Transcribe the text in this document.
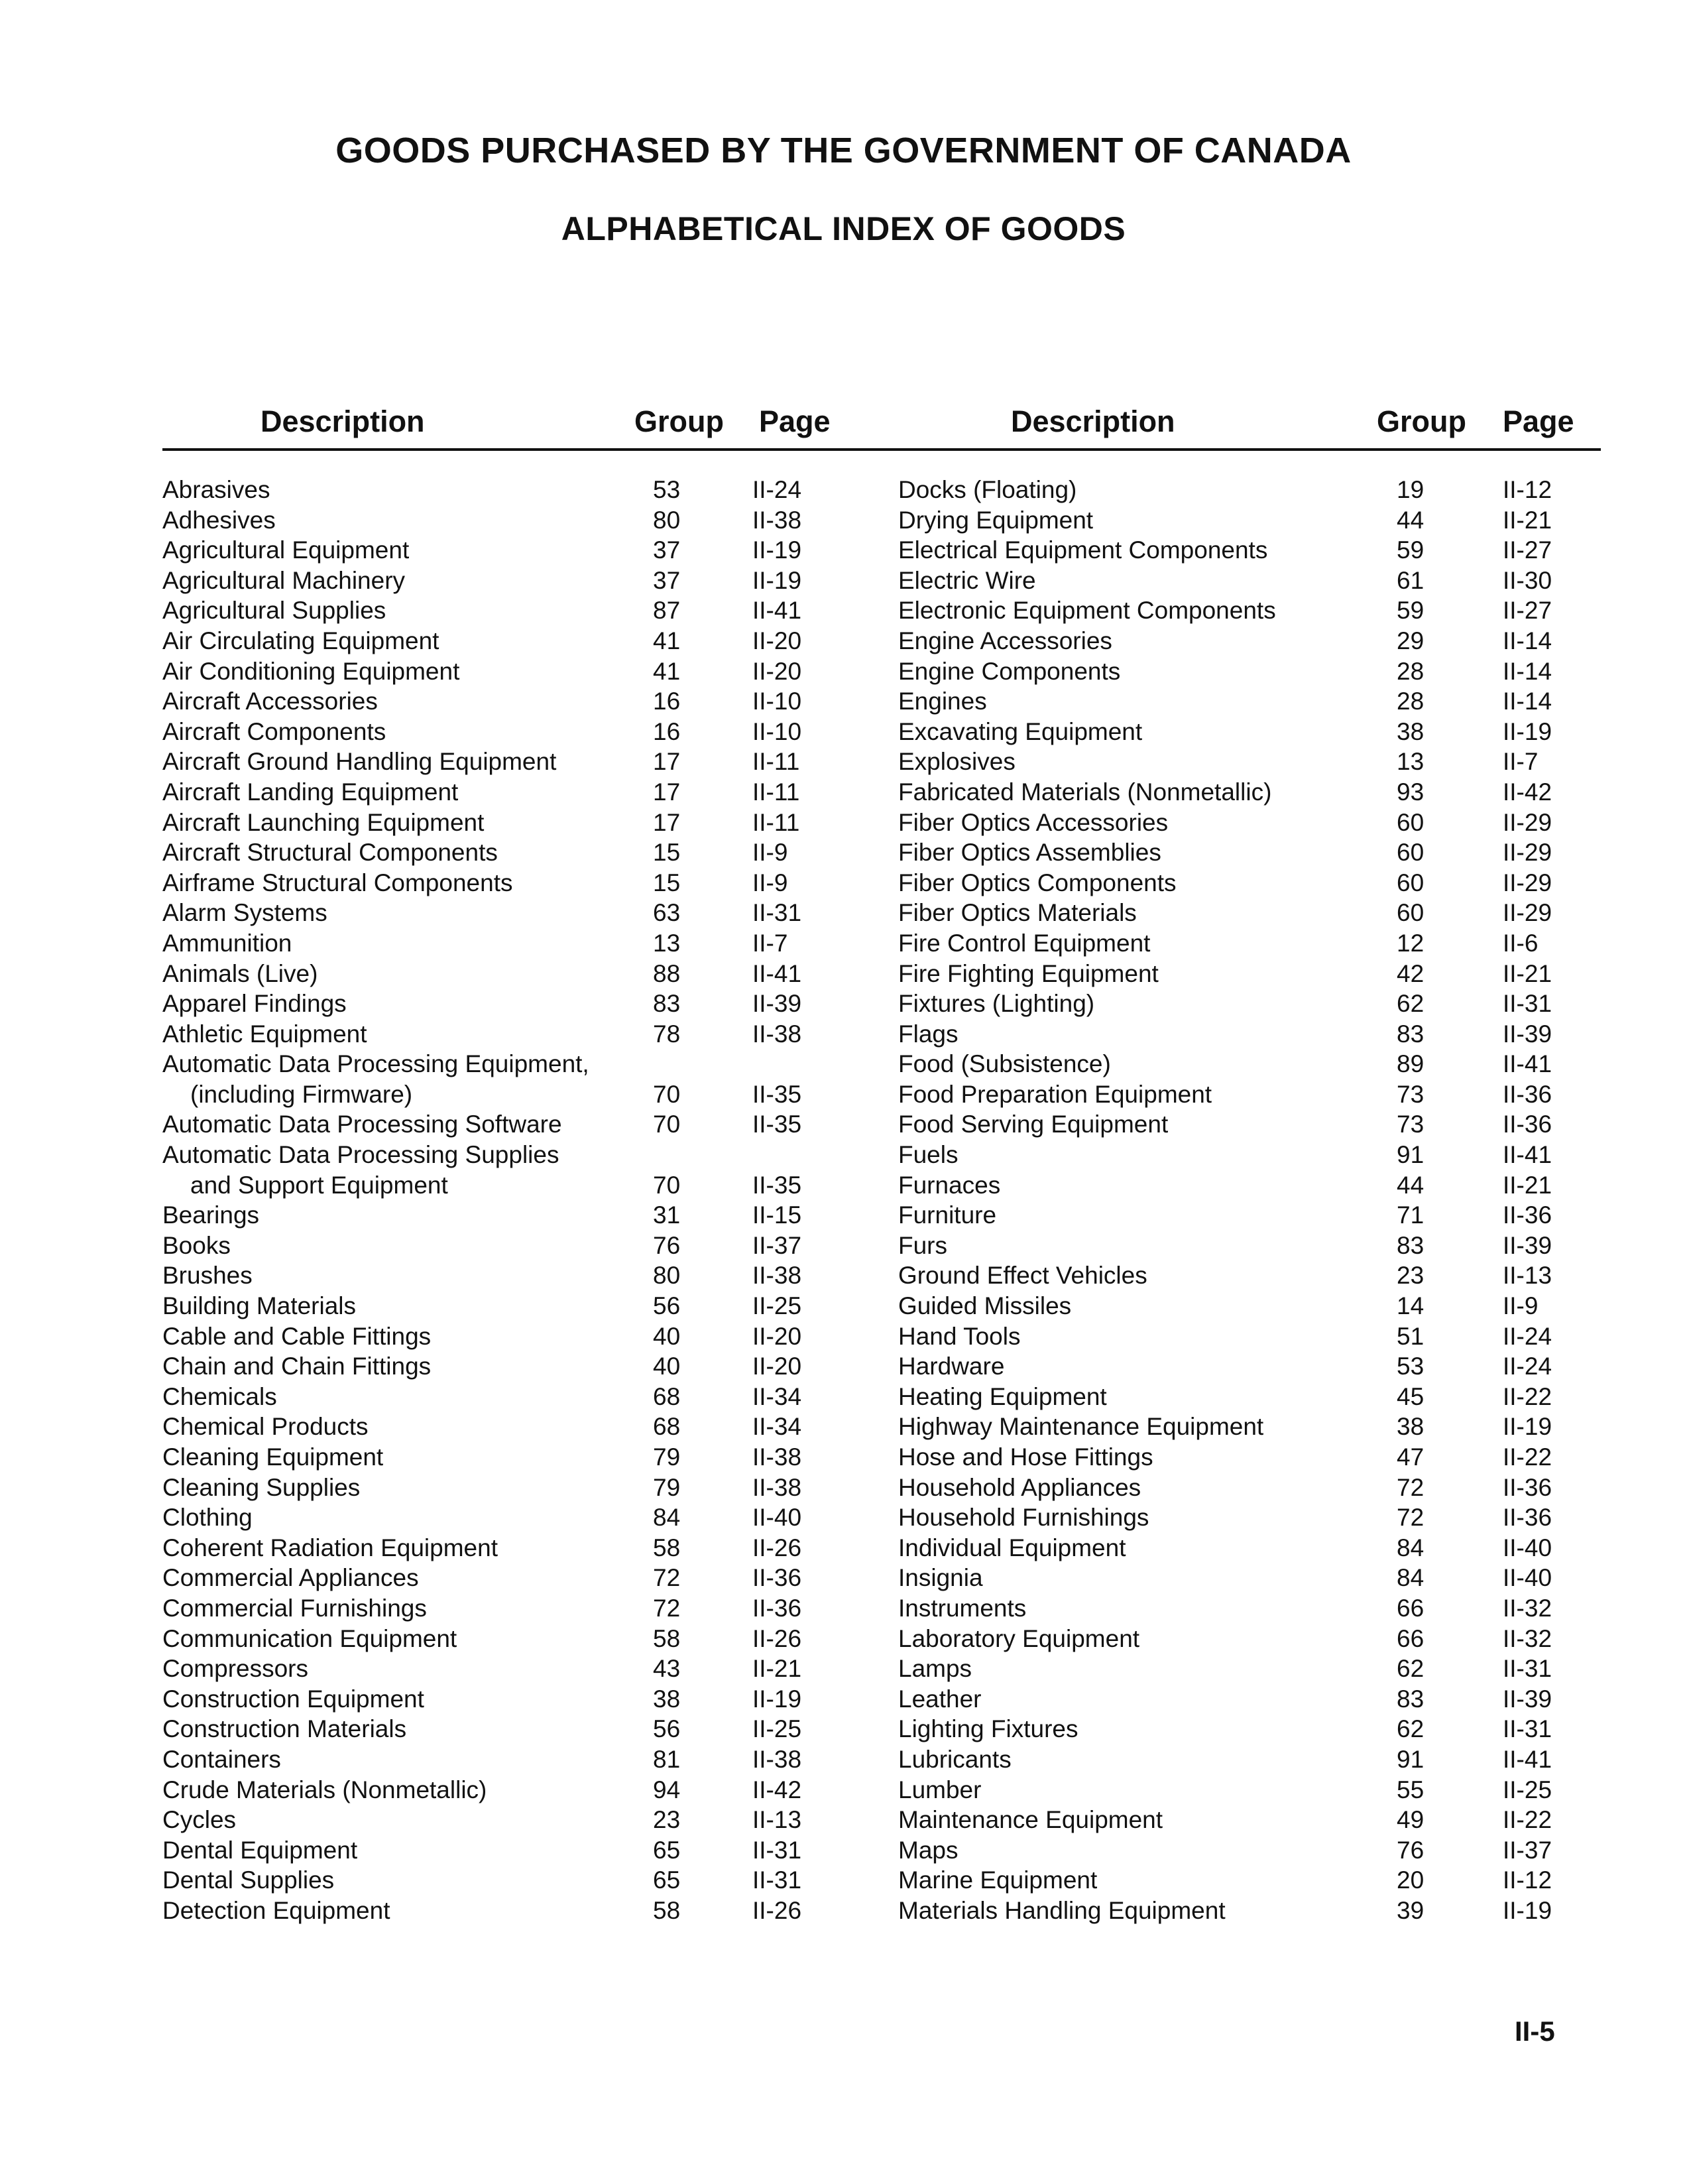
GOODS PURCHASED BY THE GOVERNMENT OF CANADA
ALPHABETICAL INDEX OF GOODS
Description	Group Page
Abrasives	53	II-24
Adhesives	80	II-38
Agricultural Equipment	37	II-19
Agricultural Machinery	37	II-19
Agricultural Supplies	87	II-41
Air Circulating Equipment	41	II-20
Air Conditioning Equipment	41	II-20
Aircraft Accessories	16	II-10
Aircraft Components	16	II-10
Aircraft Ground Handling Equipment	17	II-11
Aircraft Landing Equipment	17	II-11
Aircraft Launching Equipment	17	II-11
Aircraft Structural Components	15	II-9
Airframe Structural Components	15	II-9
Alarm Systems	63	II-31
Ammunition	13	II-7
Animals (Live)	88	II-41
Apparel Findings	83	II-39
Athletic Equipment	78	II-38
Automatic Data Processing Equipment,
(including Firmware)	70	II-35
Automatic Data Processing Software	70	II-35
Automatic Data Processing Supplies
and Support Equipment	70	II-35
Bearings	31	II-15
Books	76	II-37
Brushes	80	II-38
Building Materials	56	II-25
Cable and Cable Fittings	40	II-20
Chain and Chain Fittings	40	II-20
Chemicals	68	II-34
Chemical Products	68	II-34
Cleaning Equipment	79	II-38
Cleaning Supplies	79	II-38
Clothing	84	II-40
Coherent Radiation Equipment	58	II-26
Commercial Appliances	72	II-36
Commercial Furnishings	72	II-36
Communication Equipment	58	II-26
Compressors	43	II-21
Construction Equipment	38	II-19
Construction Materials	56	II-25
Containers	81	II-38
Crude Materials (Nonmetallic)	94	II-42
Cycles	23	II-13
Dental Equipment	65	II-31
Dental Supplies	65	II-31
Detection Equipment	58	II-26
Description	Group Page
Docks (Floating)	19	II-12
Drying Equipment	44	II-21
Electrical Equipment Components	59	II-27
Electric Wire	61	II-30
Electronic Equipment Components	59	II-27
Engine Accessories	29	II-14
Engine Components	28	II-14
Engines	28	II-14
Excavating Equipment	38	II-19
Explosives	13	II-7
Fabricated Materials (Nonmetallic)	93	II-42
Fiber Optics Accessories	60	II-29
Fiber Optics Assemblies	60	II-29
Fiber Optics Components	60	II-29
Fiber Optics Materials	60	II-29
Fire Control Equipment	12	II-6
Fire Fighting Equipment	42	II-21
Fixtures (Lighting)	62	II-31
Flags	83	II-39
Food (Subsistence)	89	II-41
Food Preparation Equipment	73	II-36
Food Serving Equipment	73	II-36
Fuels	91	II-41
Furnaces	44	II-21
Furniture	71	II-36
Furs	83	II-39
Ground Effect Vehicles	23	II-13
Guided Missiles	14	II-9
Hand Tools	51	II-24
Hardware	53	II-24
Heating Equipment	45	II-22
Highway Maintenance Equipment	38	II-19
Hose and Hose Fittings	47	II-22
Household Appliances	72	II-36
Household Furnishings	72	II-36
Individual Equipment	84	II-40
Insignia	84	II-40
Instruments	66	II-32
Laboratory Equipment	66	II-32
Lamps	62	II-31
Leather	83	II-39
Lighting Fixtures	62	II-31
Lubricants	91	II-41
Lumber	55	II-25
Maintenance Equipment	49	II-22
Maps	76	II-37
Marine Equipment	20	II-12
Materials Handling Equipment	39	II-19
II-5
